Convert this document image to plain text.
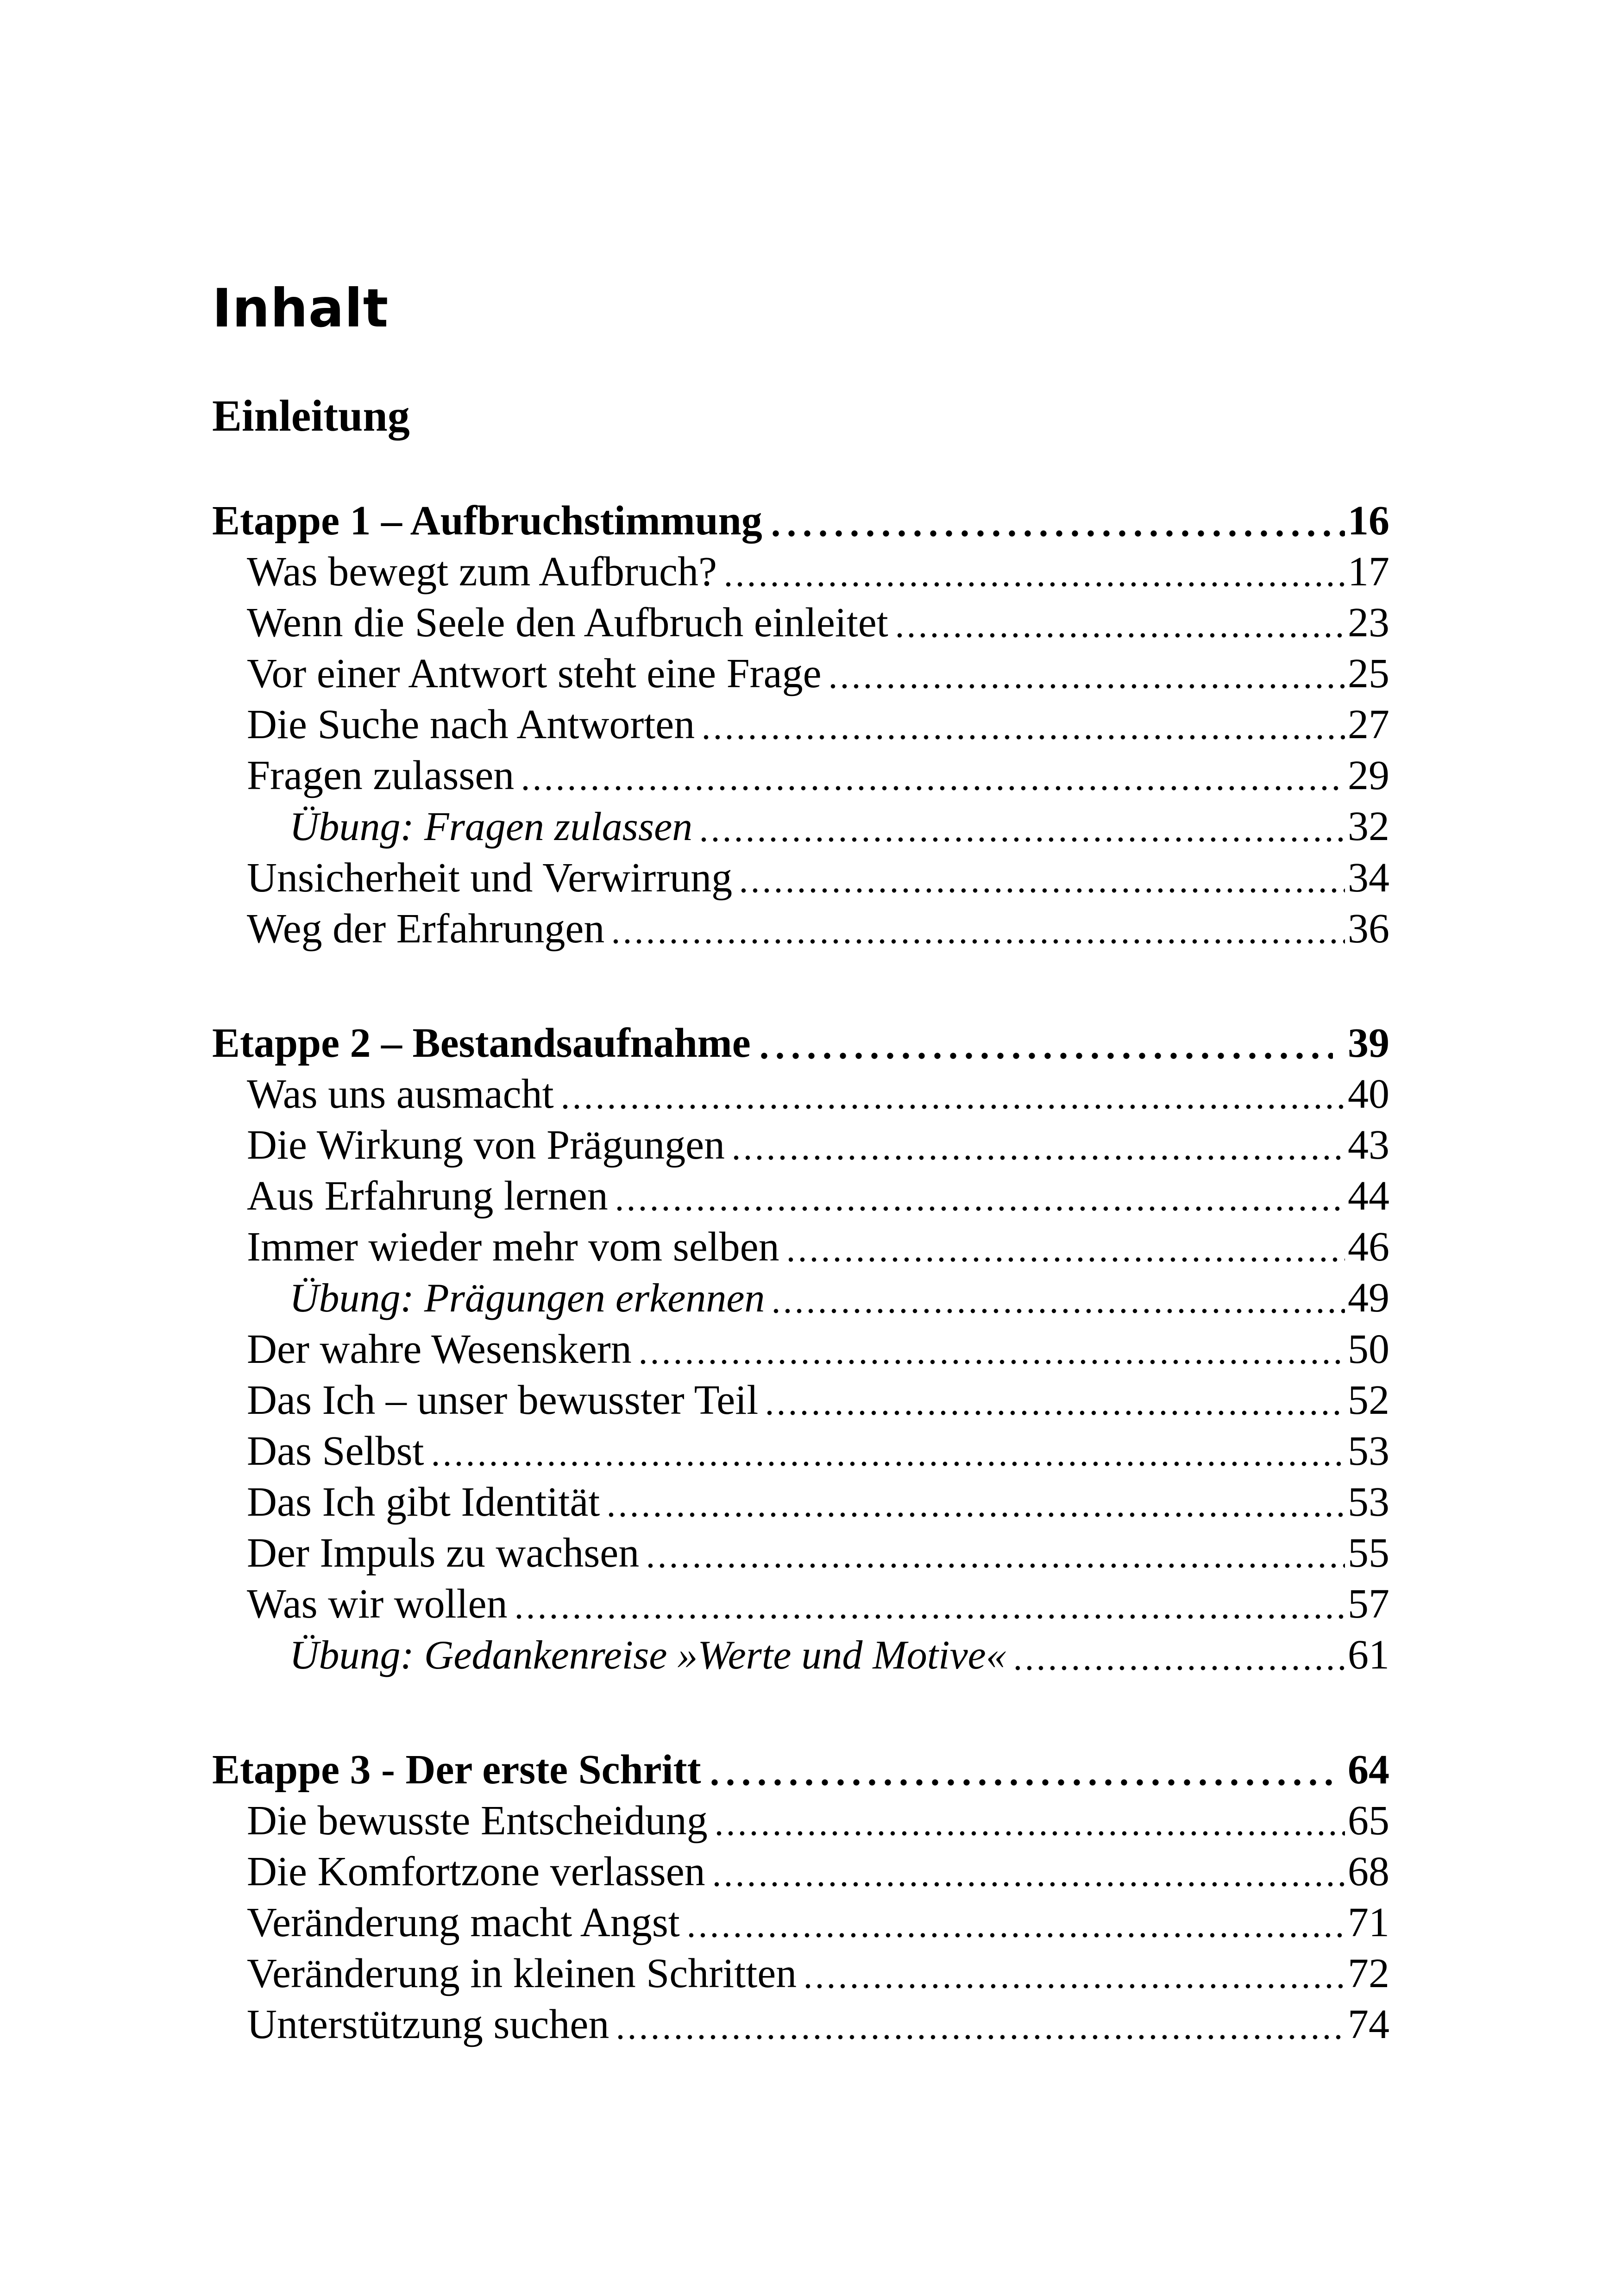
Inhalt
Einleitung
Etappe 1 – Aufbruchstimmung	16
Was bewegt zum Aufbruch?	17
Wenn die Seele den Aufbruch einleitet	23
Vor einer Antwort steht eine Frage	25
Die Suche nach Antworten	27
Fragen zulassen	29
Übung: Fragen zulassen	32
Unsicherheit und Verwirrung	34
Weg der Erfahrungen	36
Etappe 2 – Bestandsaufnahme	39
Was uns ausmacht	40
Die Wirkung von Prägungen	43
Aus Erfahrung lernen	44
Immer wieder mehr vom selben	46
Übung: Prägungen erkennen	49
Der wahre Wesenskern	50
Das Ich – unser bewusster Teil	52
Das Selbst	53
Das Ich gibt Identität	53
Der Impuls zu wachsen	55
Was wir wollen	57
Übung: Gedankenreise »Werte und Motive«	61
Etappe 3 - Der erste Schritt	64
Die bewusste Entscheidung	65
Die Komfortzone verlassen	68
Veränderung macht Angst	71
Veränderung in kleinen Schritten	72
Unterstützung suchen	74
